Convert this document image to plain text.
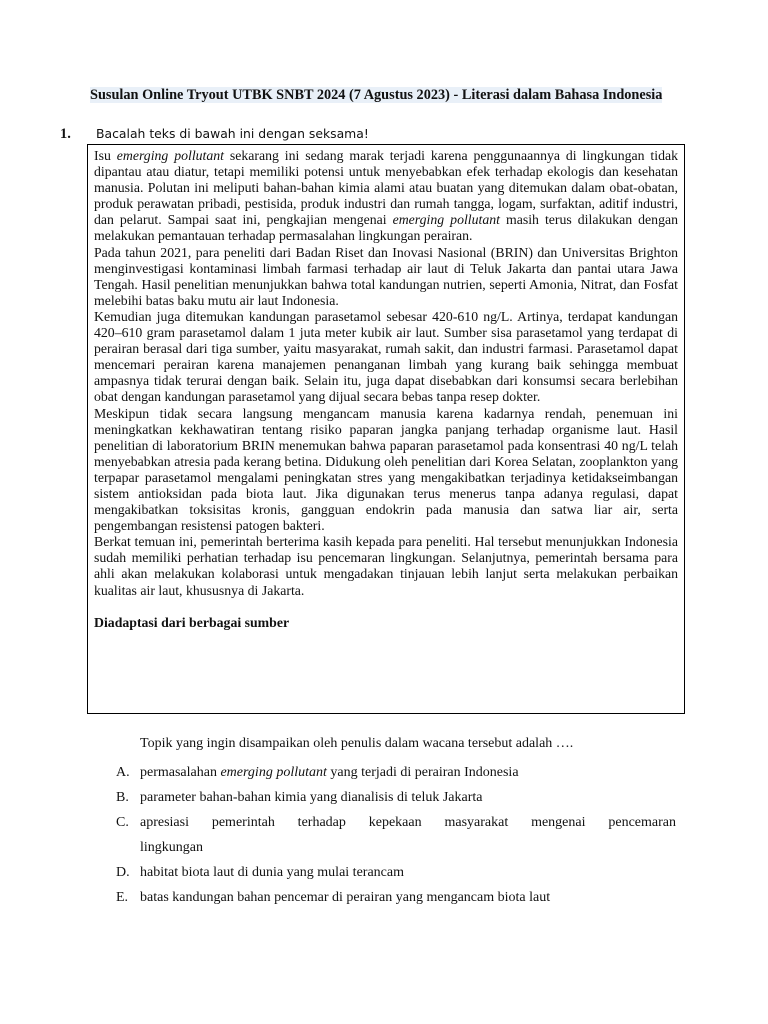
Susulan Online Tryout UTBK SNBT 2024 (7 Agustus 2023) - Literasi dalam Bahasa Indonesia
1. Bacalah teks di bawah ini dengan seksama!

Isu emerging pollutant sekarang ini sedang marak terjadi karena penggunaannya di lingkungan tidak dipantau atau diatur, tetapi memiliki potensi untuk menyebabkan efek terhadap ekologis dan kesehatan manusia. Polutan ini meliputi bahan-bahan kimia alami atau buatan yang ditemukan dalam obat-obatan, produk perawatan pribadi, pestisida, produk industri dan rumah tangga, logam, surfaktan, aditif industri, dan pelarut. Sampai saat ini, pengkajian mengenai emerging pollutant masih terus dilakukan dengan melakukan pemantauan terhadap permasalahan lingkungan perairan.

Pada tahun 2021, para peneliti dari Badan Riset dan Inovasi Nasional (BRIN) dan Universitas Brighton menginvestigasi kontaminasi limbah farmasi terhadap air laut di Teluk Jakarta dan pantai utara Jawa Tengah. Hasil penelitian menunjukkan bahwa total kandungan nutrien, seperti Amonia, Nitrat, dan Fosfat melebihi batas baku mutu air laut Indonesia.

Kemudian juga ditemukan kandungan parasetamol sebesar 420-610 ng/L. Artinya, terdapat kandungan 420–610 gram parasetamol dalam 1 juta meter kubik air laut. Sumber sisa parasetamol yang terdapat di perairan berasal dari tiga sumber, yaitu masyarakat, rumah sakit, dan industri farmasi. Parasetamol dapat mencemari perairan karena manajemen penanganan limbah yang kurang baik sehingga membuat ampasnya tidak terurai dengan baik. Selain itu, juga dapat disebabkan dari konsumsi secara berlebihan obat dengan kandungan parasetamol yang dijual secara bebas tanpa resep dokter.

Meskipun tidak secara langsung mengancam manusia karena kadarnya rendah, penemuan ini meningkatkan kekhawatiran tentang risiko paparan jangka panjang terhadap organisme laut. Hasil penelitian di laboratorium BRIN menemukan bahwa paparan parasetamol pada konsentrasi 40 ng/L telah menyebabkan atresia pada kerang betina. Didukung oleh penelitian dari Korea Selatan, zooplankton yang terpapar parasetamol mengalami peningkatan stres yang mengakibatkan terjadinya ketidakseimbangan sistem antioksidan pada biota laut. Jika digunakan terus menerus tanpa adanya regulasi, dapat mengakibatkan toksisitas kronis, gangguan endokrin pada manusia dan satwa liar air, serta pengembangan resistensi patogen bakteri.

Berkat temuan ini, pemerintah berterima kasih kepada para peneliti. Hal tersebut menunjukkan Indonesia sudah memiliki perhatian terhadap isu pencemaran lingkungan. Selanjutnya, pemerintah bersama para ahli akan melakukan kolaborasi untuk mengadakan tinjauan lebih lanjut serta melakukan perbaikan kualitas air laut, khususnya di Jakarta.

Diadaptasi dari berbagai sumber

Topik yang ingin disampaikan oleh penulis dalam wacana tersebut adalah ….
A. permasalahan emerging pollutant yang terjadi di perairan Indonesia
B. parameter bahan-bahan kimia yang dianalisis di teluk Jakarta
C. apresiasi pemerintah terhadap kepekaan masyarakat mengenai pencemaran
lingkungan
D. habitat biota laut di dunia yang mulai terancam
E. batas kandungan bahan pencemar di perairan yang mengancam biota laut
